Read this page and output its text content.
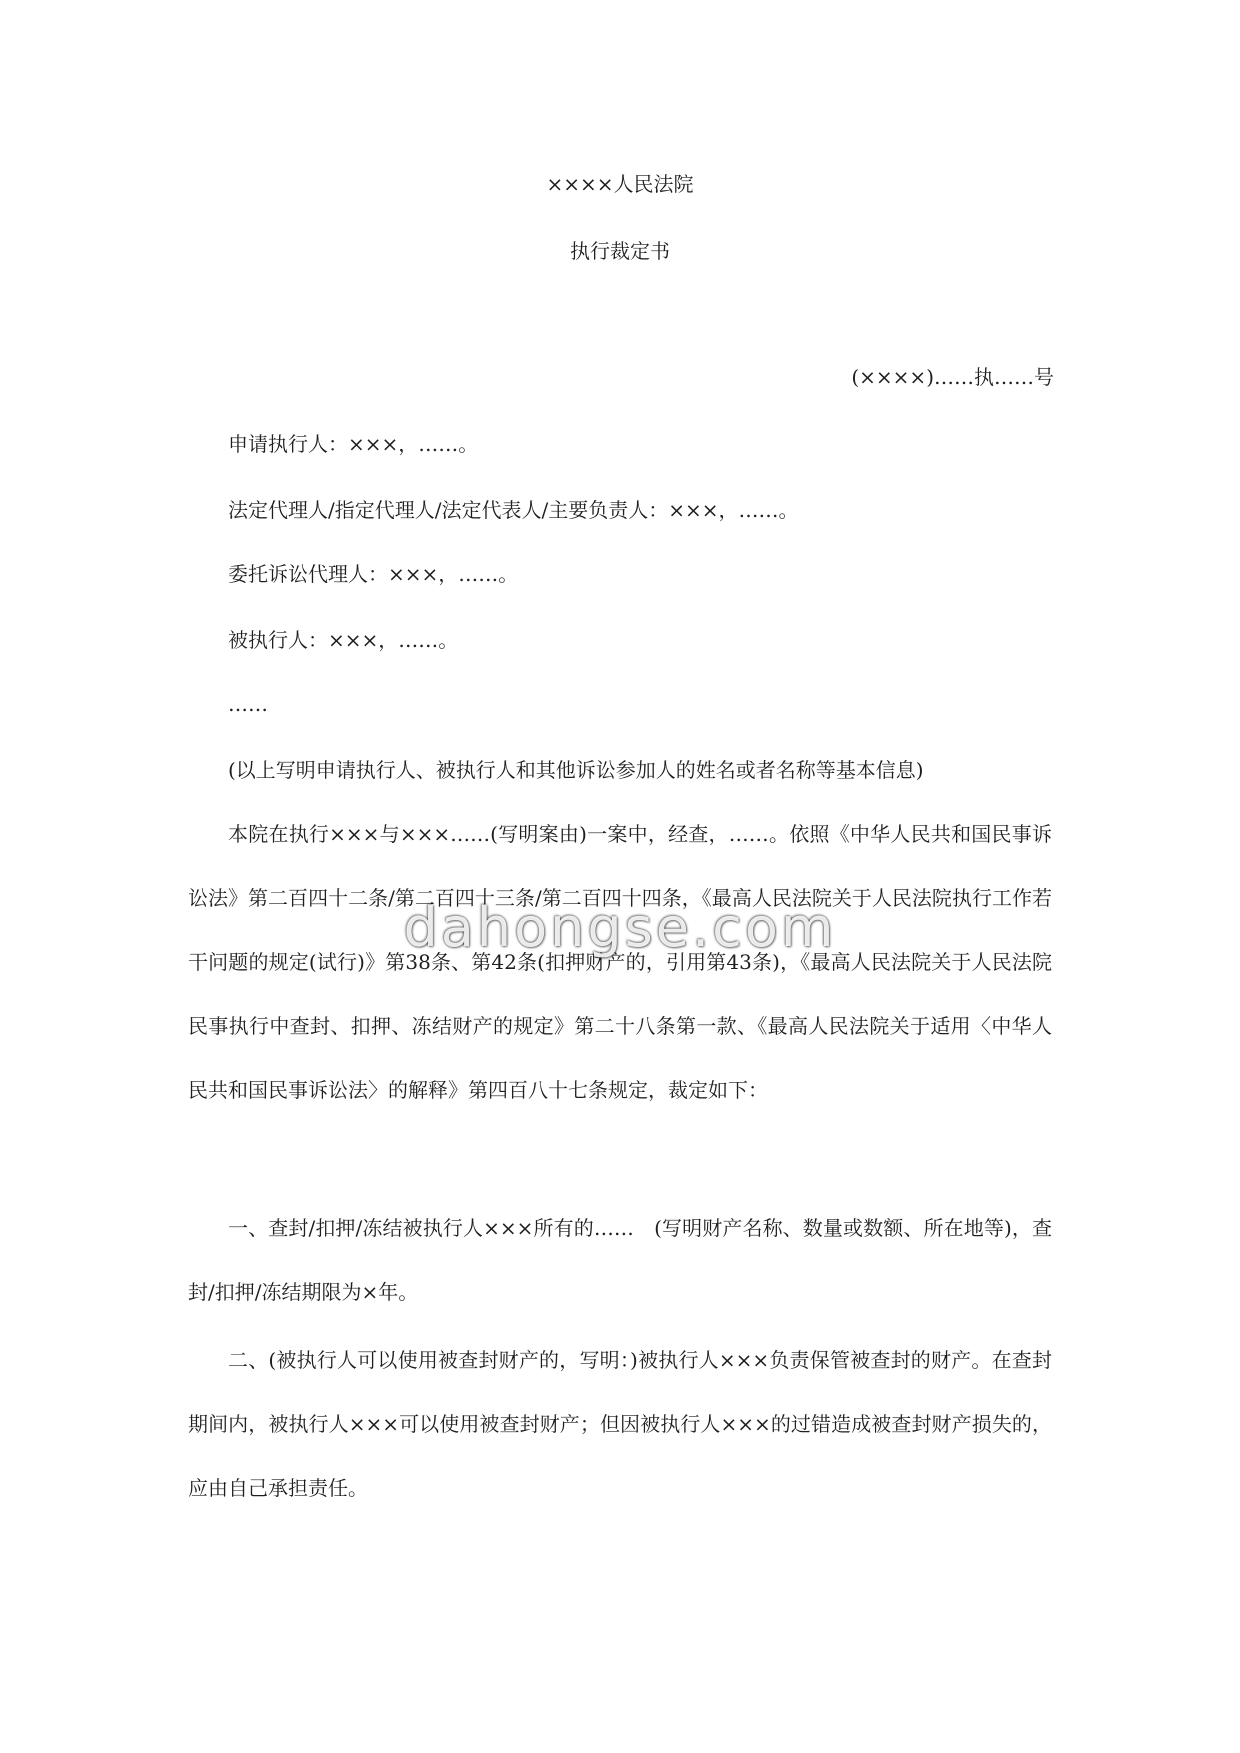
××××人民法院
执行裁定书
(××××)……执……号

申请执行人：×××，……。

法定代理人/指定代理人/法定代表人/主要负责人：×××，……。

委托诉讼代理人：×××，……。

被执行人：×××，……。

……

(以上写明申请执行人、被执行人和其他诉讼参加人的姓名或者名称等基本信息)

本院在执行×××与×××……(写明案由)一案中，经查，……。依照《中华人民共和国民事诉讼法》第二百四十二条/第二百四十三条/第二百四十四条，《最高人民法院关于人民法院执行工作若干问题的规定(试行)》第38条、第42条(扣押财产的，引用第43条)，《最高人民法院关于人民法院民事执行中查封、扣押、冻结财产的规定》第二十八条第一款、《最高人民法院关于适用〈中华人民共和国民事诉讼法〉的解释》第四百八十七条规定，裁定如下：

一、查封/扣押/冻结被执行人×××所有的……　(写明财产名称、数量或数额、所在地等)，查封/扣押/冻结期限为×年。

二、(被执行人可以使用被查封财产的，写明：)被执行人×××负责保管被查封的财产。在查封期间内，被执行人×××可以使用被查封财产；但因被执行人×××的过错造成被查封财产损失的，应由自己承担责任。

dahongse.com
